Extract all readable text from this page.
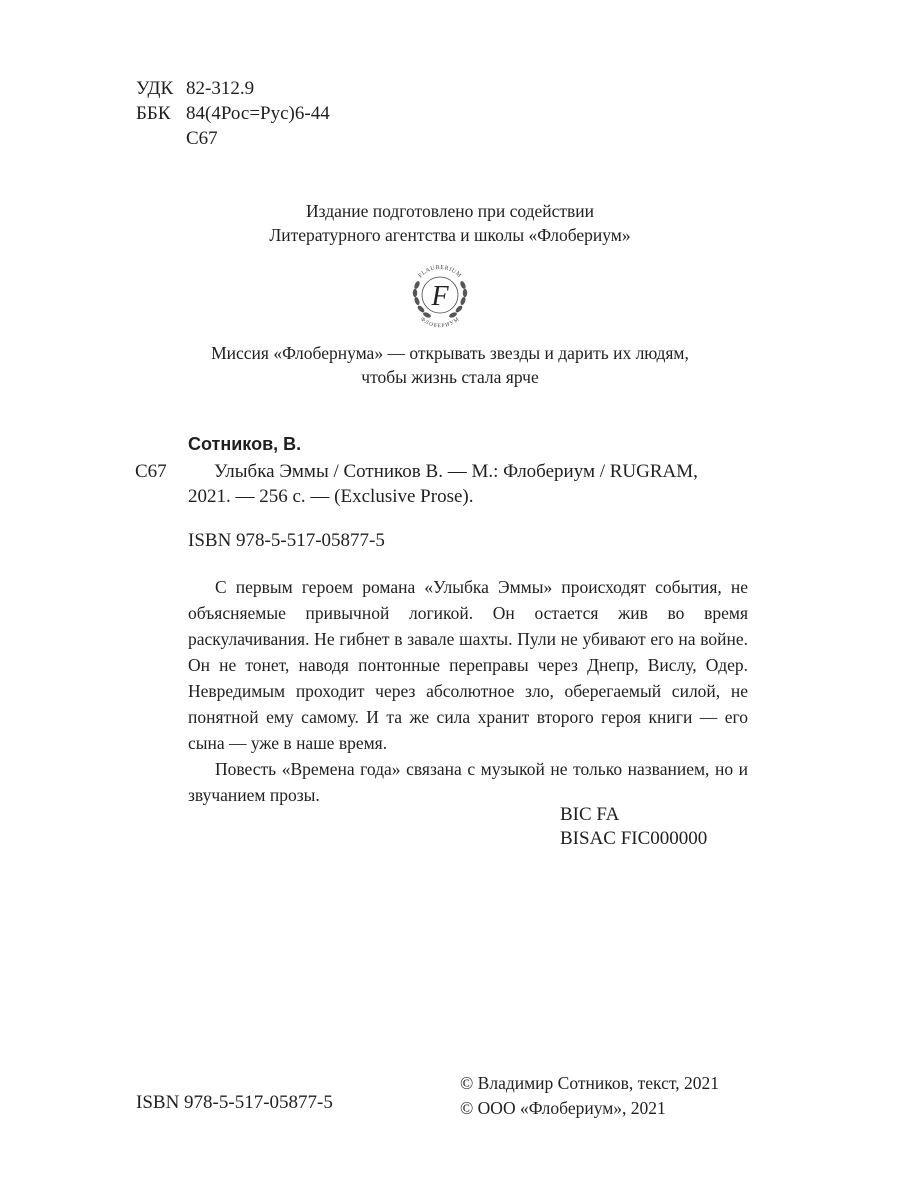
УДК 82-312.9
ББК 84(4Рос=Рус)6-44
С67
Издание подготовлено при содействии
Литературного агентства и школы «Флобериум»
FLAUBERIUM
ФЛОБЕРИУМ
F
Миссия «Флобернума» — открывать звезды и дарить их людям,
чтобы жизнь стала ярче
Сотников, В.
С67 Улыбка Эммы / Сотников В. — М.: Флобериум / RUGRAM,
2021. — 256 с. — (Exclusive Prose).
ISBN 978-5-517-05877-5

С первым героем романа «Улыбка Эммы» происходят события, не объясняемые привычной логикой. Он остается жив во время раскулачивания. Не гибнет в завале шахты. Пули не убивают его на войне. Он не тонет, наводя понтонные переправы через Днепр, Вислу, Одер. Невредимым проходит через абсолютное зло, оберегаемый силой, не понятной ему самому. И та же сила хранит второго героя книги — его сына — уже в наше время.

Повесть «Времена года» связана с музыкой не только названием, но и звучанием прозы.

BIC FA
BISAC FIC000000
ISBN 978-5-517-05877-5
© Владимир Сотников, текст, 2021
© ООО «Флобериум», 2021
